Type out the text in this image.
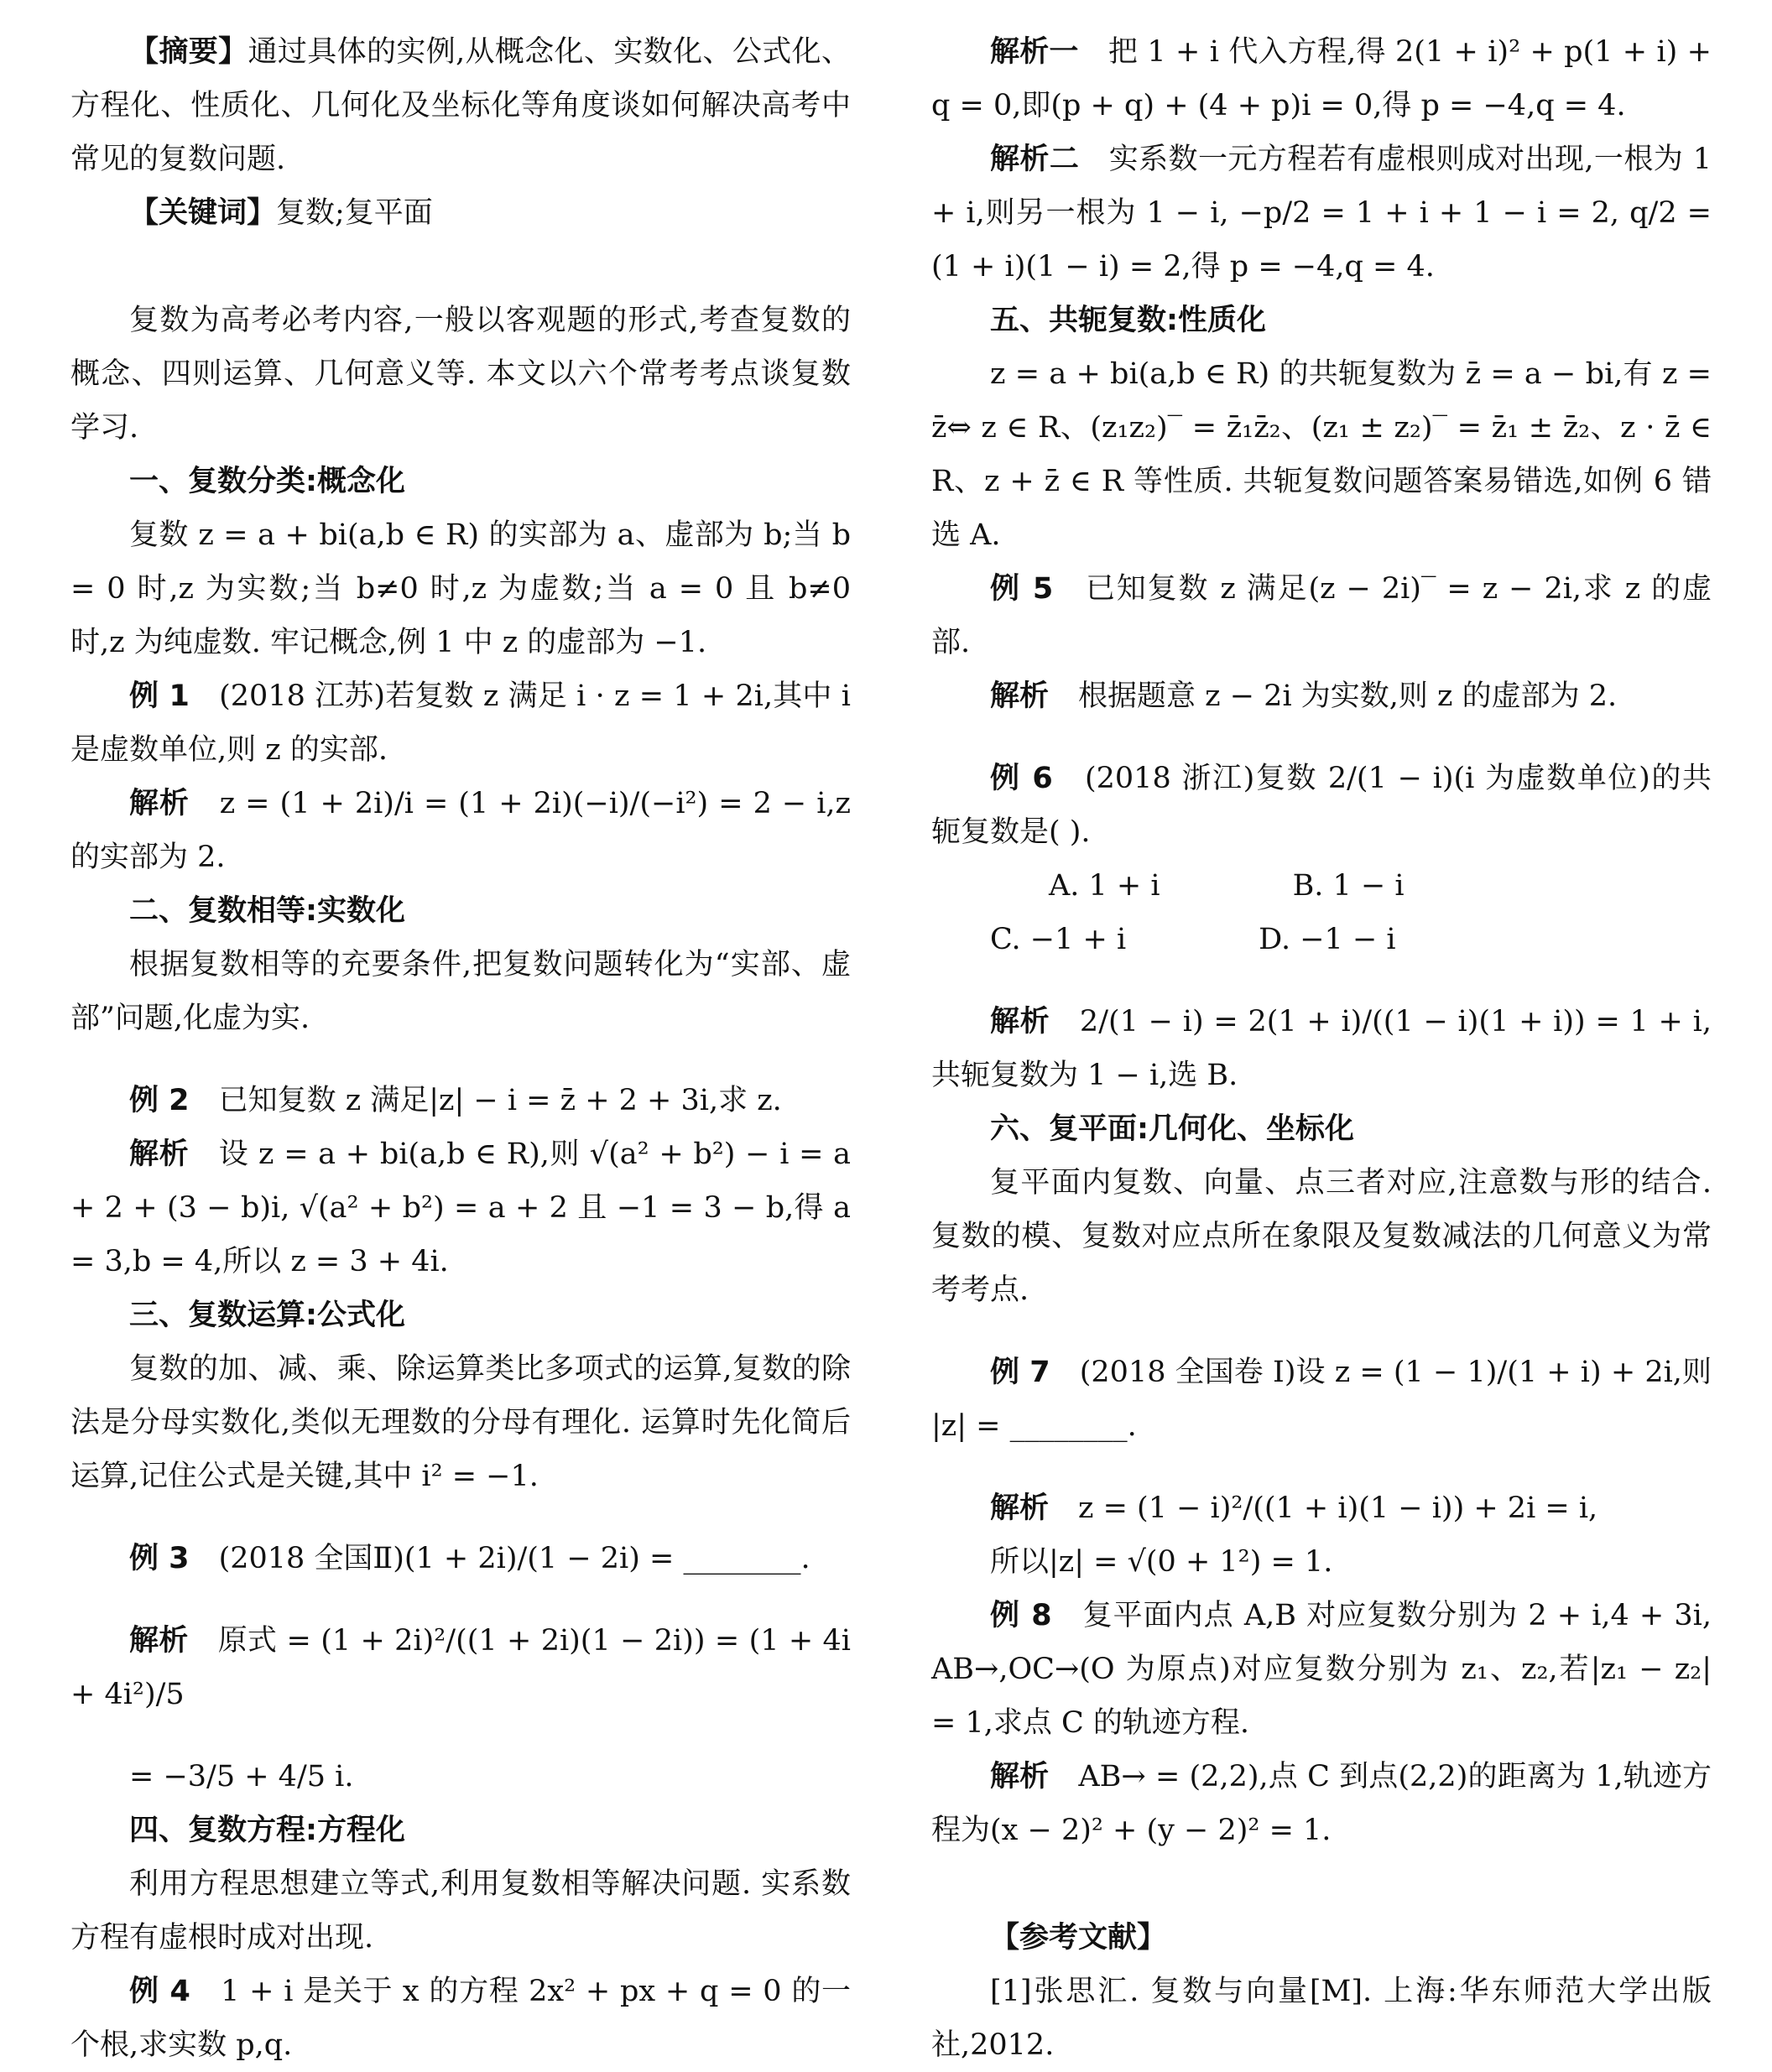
【摘要】通过具体的实例,从概念化、实数化、公式化、方程化、性质化、几何化及坐标化等角度谈如何解决高考中常见的复数问题.

【关键词】复数;复平面

复数为高考必考内容,一般以客观题的形式,考查复数的概念、四则运算、几何意义等. 本文以六个常考考点谈复数学习.

一、复数分类:概念化

复数 z = a + bi(a,b ∈ R) 的实部为 a、虚部为 b;当 b = 0 时,z 为实数;当 b≠0 时,z 为虚数;当 a = 0 且 b≠0 时,z 为纯虚数. 牢记概念,例 1 中 z 的虚部为 −1.

例 1　 (2018 江苏)若复数 z 满足 i · z = 1 + 2i,其中 i 是虚数单位,则 z 的实部.

解析　 z = (1 + 2i)/i = (1 + 2i)(−i)/(−i²) = 2 − i,z 的实部为 2.

二、复数相等:实数化

根据复数相等的充要条件,把复数问题转化为“实部、虚部”问题,化虚为实.

例 2　 已知复数 z 满足|z| − i = z̄ + 2 + 3i,求 z.

解析　 设 z = a + bi(a,b ∈ R),则 √(a² + b²) − i = a + 2 + (3 − b)i, √(a² + b²) = a + 2 且 −1 = 3 − b,得 a = 3,b = 4,所以 z = 3 + 4i.

三、复数运算:公式化

复数的加、减、乘、除运算类比多项式的运算,复数的除法是分母实数化,类似无理数的分母有理化. 运算时先化简后运算,记住公式是关键,其中 i² = −1.

例 3　 (2018 全国Ⅱ)(1 + 2i)/(1 − 2i) = ________.

解析　 原式 = (1 + 2i)²/((1 + 2i)(1 − 2i)) = (1 + 4i + 4i²)/5

= −3/5 + 4/5 i.

四、复数方程:方程化

利用方程思想建立等式,利用复数相等解决问题. 实系数方程有虚根时成对出现.

例 4　 1 + i 是关于 x 的方程 2x² + px + q = 0 的一个根,求实数 p,q.

解析一　 把 1 + i 代入方程,得 2(1 + i)² + p(1 + i) + q = 0,即(p + q) + (4 + p)i = 0,得 p = −4,q = 4.

解析二　 实系数一元方程若有虚根则成对出现,一根为 1 + i,则另一根为 1 − i, −p/2 = 1 + i + 1 − i = 2, q/2 = (1 + i)(1 − i) = 2,得 p = −4,q = 4.

五、共轭复数:性质化

z = a + bi(a,b ∈ R) 的共轭复数为 z̄ = a − bi,有 z = z̄⇔ z ∈ R、(z₁z₂)‾ = z̄₁z̄₂、(z₁ ± z₂)‾ = z̄₁ ± z̄₂、z · z̄ ∈ R、z + z̄ ∈ R 等性质. 共轭复数问题答案易错选,如例 6 错选 A.

例 5　 已知复数 z 满足(z − 2i)‾ = z − 2i,求 z 的虚部.

解析　 根据题意 z − 2i 为实数,则 z 的虚部为 2.

例 6　 (2018 浙江)复数 2/(1 − i)(i 为虚数单位)的共轭复数是( ).

A. 1 + i	B. 1 − iC. −1 + i	D. −1 − i

解析　 2/(1 − i) = 2(1 + i)/((1 − i)(1 + i)) = 1 + i,共轭复数为 1 − i,选 B.

六、复平面:几何化、坐标化

复平面内复数、向量、点三者对应,注意数与形的结合. 复数的模、复数对应点所在象限及复数减法的几何意义为常考考点.

例 7　 (2018 全国卷 Ⅰ)设 z = (1 − 1)/(1 + i) + 2i,则 |z| = ________.

解析　 z = (1 − i)²/((1 + i)(1 − i)) + 2i = i,

所以|z| = √(0 + 1²) = 1.

例 8　 复平面内点 A,B 对应复数分别为 2 + i,4 + 3i, AB→,OC→(O 为原点)对应复数分别为 z₁、z₂,若|z₁ − z₂| = 1,求点 C 的轨迹方程.

解析　 AB→ = (2,2),点 C 到点(2,2)的距离为 1,轨迹方程为(x − 2)² + (y − 2)² = 1.

【参考文献】

[1]张思汇. 复数与向量[M]. 上海:华东师范大学出版社,2012.
